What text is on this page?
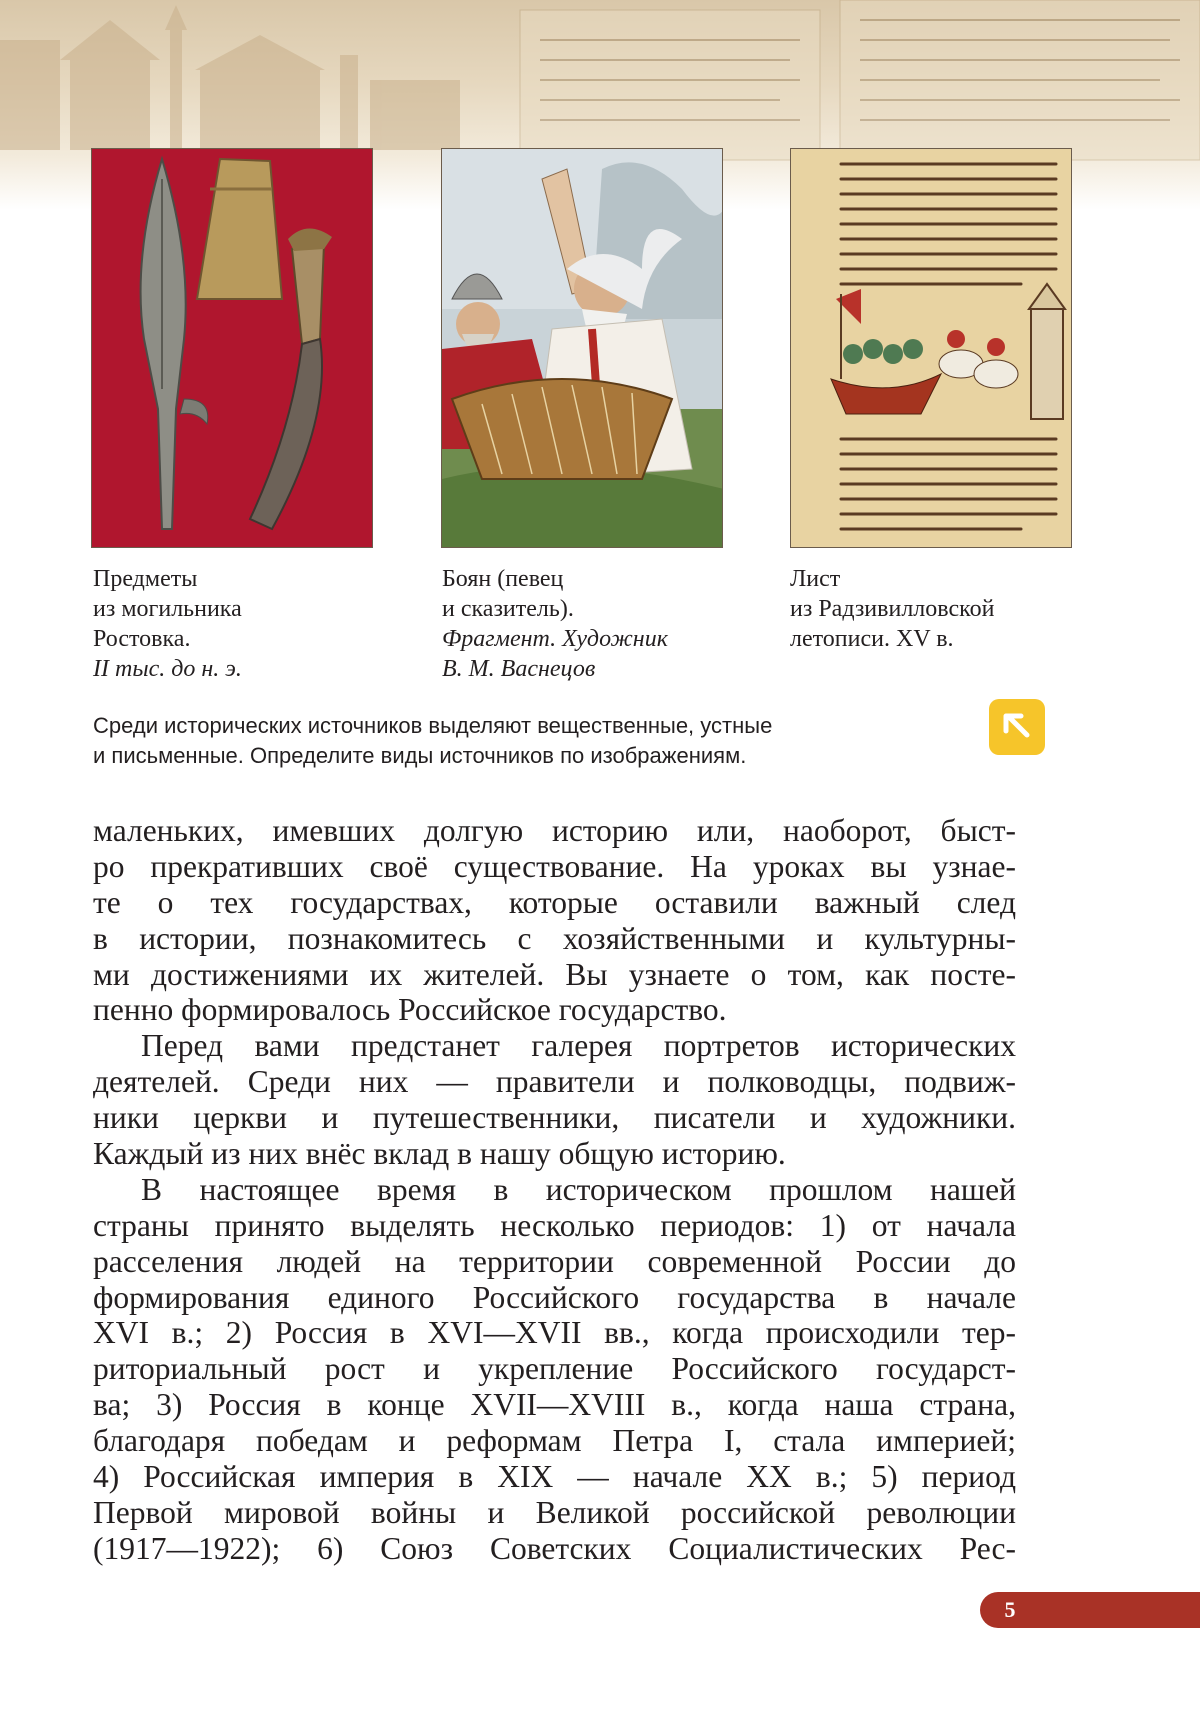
Предметы
из могильника
Ростовка.
II тыс. до н. э.
Боян (певец
и сказитель).
Фрагмент. Художник
В. М. Васнецов
Лист
из Радзивилловской
летописи. XV в.
Среди исторических источников выделяют вещественные, устные
и письменные. Определите виды источников по изображениям.
маленьких, имевших долгую историю или, наоборот, быст-
ро прекративших своё существование. На уроках вы узнае-
те о тех государствах, которые оставили важный след
в истории, познакомитесь с хозяйственными и культурны-
ми достижениями их жителей. Вы узнаете о том, как посте-
пенно формировалось Российское государство.
Перед вами предстанет галерея портретов исторических
деятелей. Среди них — правители и полководцы, подвиж-
ники церкви и путешественники, писатели и художники.
Каждый из них внёс вклад в нашу общую историю.
В настоящее время в историческом прошлом нашей
страны принято выделять несколько периодов: 1) от начала
расселения людей на территории современной России до
формирования единого Российского государства в начале
XVI в.; 2) Россия в XVI—XVII вв., когда происходили тер-
риториальный рост и укрепление Российского государст-
ва; 3) Россия в конце XVII—XVIII в., когда наша страна,
благодаря победам и реформам Петра I, стала империей;
4) Российская империя в XIX — начале XX в.; 5) период
Первой мировой войны и Великой российской революции
(1917—1922); 6) Союз Советских Социалистических Рес-
5
